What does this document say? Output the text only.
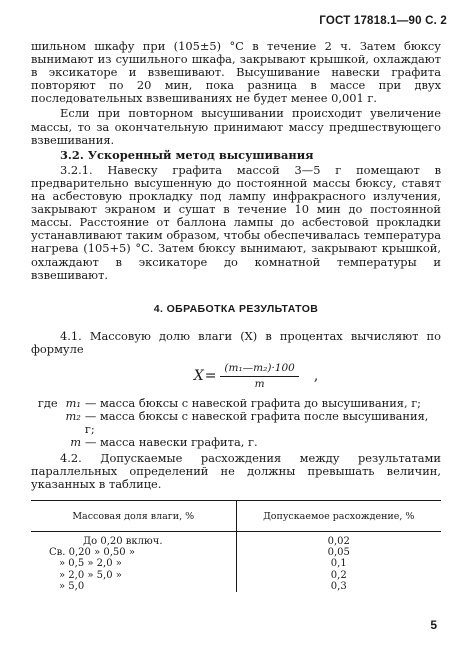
ГОСТ 17818.1—90 С. 2

шильном шкафу при (105±5) °С в течение 2 ч. Затем бюксу вынимают из сушильного шкафа, закрывают крышкой, охлаждают в эксикаторе и взвешивают. Высушивание навески графита повторяют по 20 мин, пока разница в массе при двух последовательных взвешиваниях не будет менее 0,001 г.

Если при повторном высушивании происходит увеличение массы, то за окончательную принимают массу предшествующего взвешивания.

3.2. Ускоренный метод высушивания

3.2.1. Навеску графита массой 3—5 г помещают в предварительно высушенную до постоянной массы бюксу, ставят на асбестовую прокладку под лампу инфракрасного излучения, закрывают экраном и сушат в течение 10 мин до постоянной массы. Расстояние от баллона лампы до асбестовой прокладки устанавливают таким образом, чтобы обеспечивалась температура нагрева (105+5) °С. Затем бюксу вынимают, закрывают крышкой, охлаждают в эксикаторе до комнатной температуры и взвешивают.

4. ОБРАБОТКА РЕЗУЛЬТАТОВ

4.1. Массовую долю влаги (X) в процентах вычисляют по формуле

$X = \frac{\text{(m₁—m₂)·100}}{m}$ ,
где m₁ — масса бюксы с навеской графита до высушивания, г;
m₂ — масса бюксы с навеской графита после высушивания, г;
m — масса навески графита, г.

4.2. Допускаемые расхождения между результатами параллельных определений не должны превышать величин, указанных в таблице.

Массовая доля влаги, %	Допускаемое расхождение, %
До 0,20 включ.	0,02
Св. 0,20 » 0,50 »	0,05
» 0,5 » 2,0 »	0,1
» 2,0 » 5,0 »	0,2
» 5,0	0,3
5
